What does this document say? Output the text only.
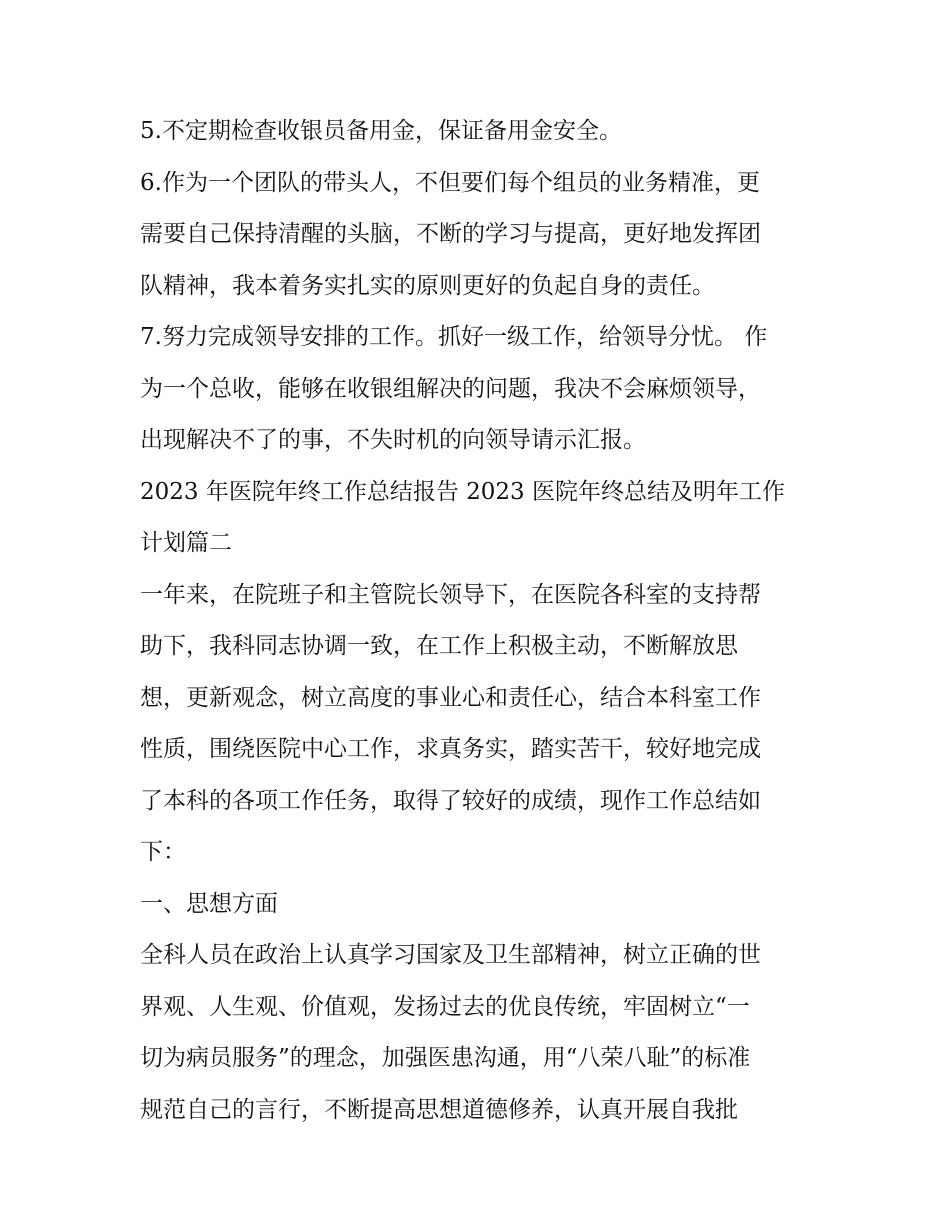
5.不定期检查收银员备用金，保证备用金安全。
6.作为一个团队的带头人，不但要们每个组员的业务精准，更
需要自己保持清醒的头脑，不断的学习与提高，更好地发挥团
队精神，我本着务实扎实的原则更好的负起自身的责任。
7.努力完成领导安排的工作。抓好一级工作，给领导分忧。 作
为一个总收，能够在收银组解决的问题，我决不会麻烦领导，
出现解决不了的事，不失时机的向领导请示汇报。
2023 年医院年终工作总结报告 2023 医院年终总结及明年工作
计划篇二
一年来，在院班子和主管院长领导下，在医院各科室的支持帮
助下，我科同志协调一致，在工作上积极主动，不断解放思
想，更新观念，树立高度的事业心和责任心，结合本科室工作
性质，围绕医院中心工作，求真务实，踏实苦干，较好地完成
了本科的各项工作任务，取得了较好的成绩，现作工作总结如
下：
一、思想方面
全科人员在政治上认真学习国家及卫生部精神，树立正确的世
界观、人生观、价值观，发扬过去的优良传统，牢固树立“一
切为病员服务”的理念，加强医患沟通，用“八荣八耻”的标准
规范自己的言行，不断提高思想道德修养，认真开展自我批
